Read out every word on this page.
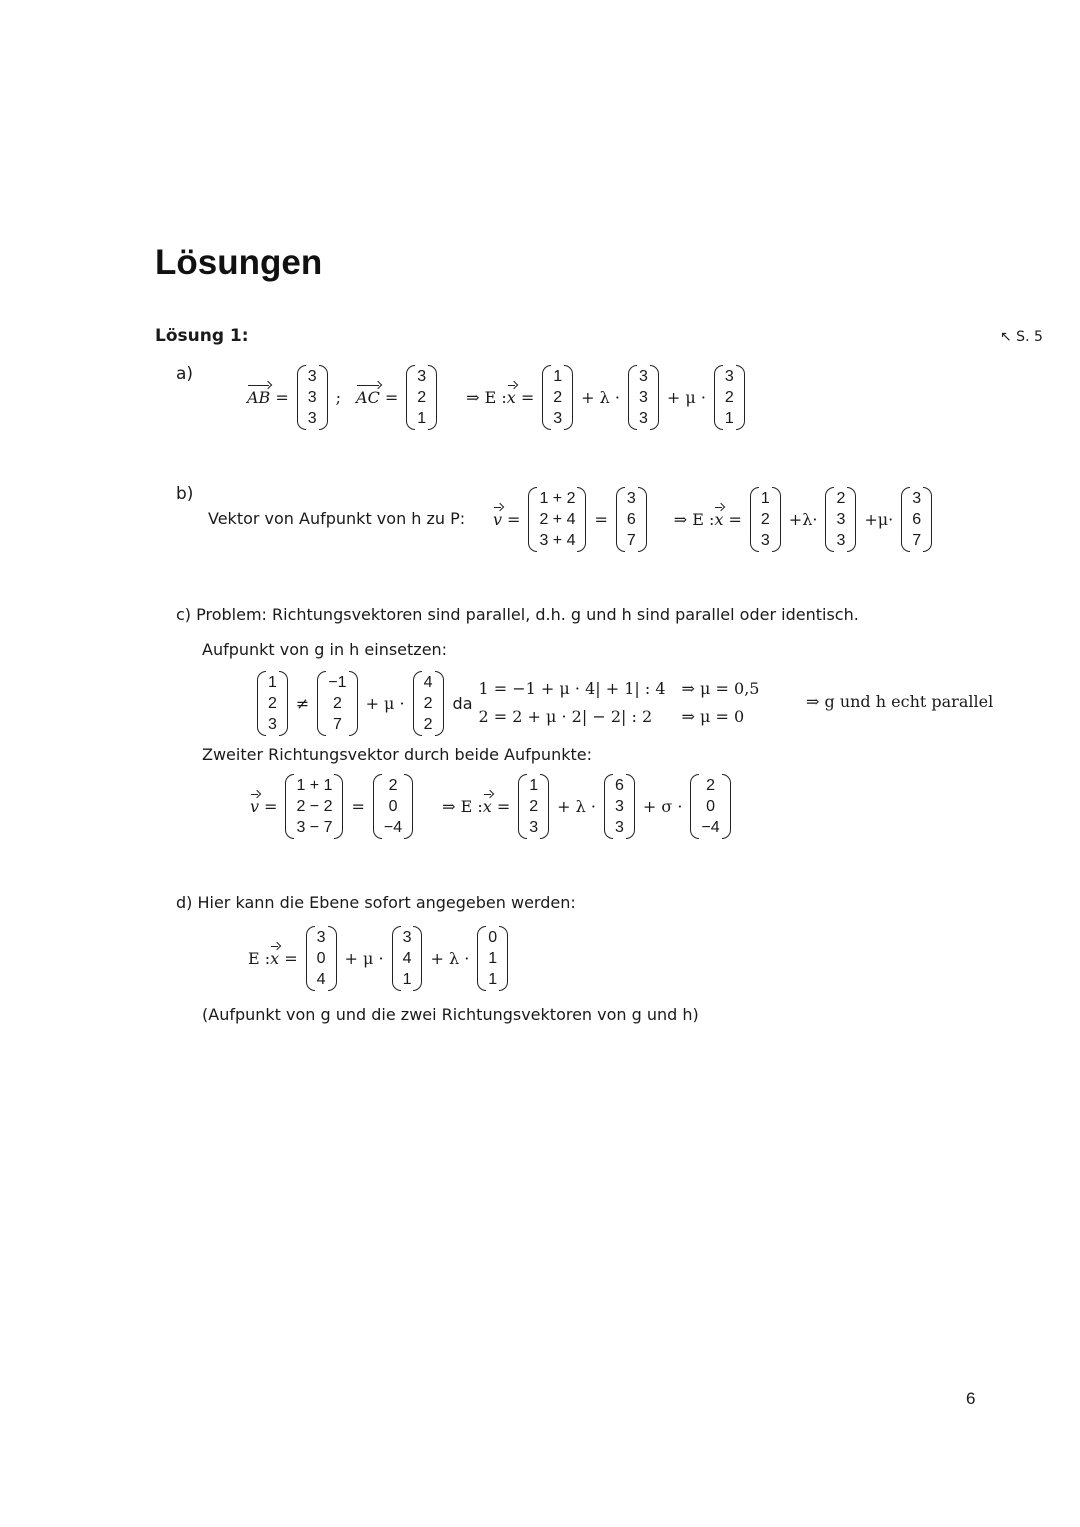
Lösungen
Lösung 1:	↖ S. 5
a)
AB =
3
3
3
; AC =
3
2
1
⇒ E : x =
1
2
3
+ λ ·
3
3
3
+ μ ·
3
2
1
b)
Vektor von Aufpunkt von h zu P: v =
1 + 2
2 + 4
3 + 4
=
3
6
7
⇒ E : x =
1
2
3
+λ·
2
3
3
+μ·
3
6
7
c) Problem: Richtungsvektoren sind parallel, d.h. g und h sind parallel oder identisch.
Aufpunkt von g in h einsetzen:
1
2
3
≠
−1
2
7
+ μ ·
4
2
2
da
1 = −1 + μ · 4| + 1| : 4
2 = 2 + μ · 2| − 2| : 2
⇒ μ = 0,5
⇒ μ = 0
⇒ g und h echt parallel
Zweiter Richtungsvektor durch beide Aufpunkte:
v =
1 + 1
2 − 2
3 − 7
=
2
0
−4
⇒ E : x =
1
2
3
+ λ ·
6
3
3
+ σ ·
2
0
−4
d) Hier kann die Ebene sofort angegeben werden:
E : x =
3
0
4
+ μ ·
3
4
1
+ λ ·
0
1
1
(Aufpunkt von g und die zwei Richtungsvektoren von g und h)
6
